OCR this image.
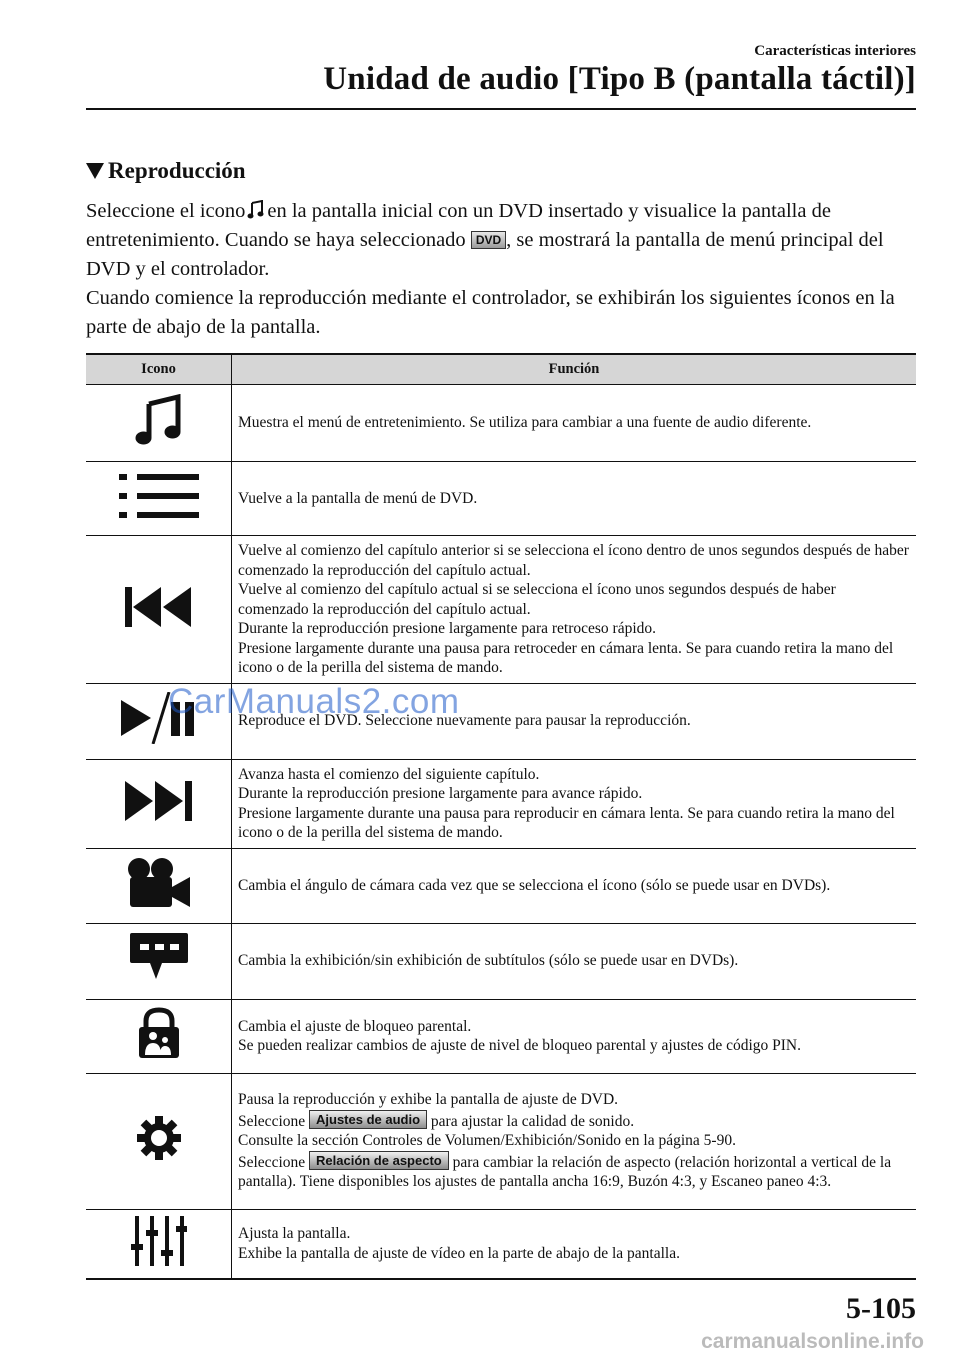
Características interiores
Unidad de audio [Tipo B (pantalla táctil)]
Reproducción

Seleccione el icono en la pantalla inicial con un DVD insertado y visualice la pantalla de entretenimiento. Cuando se haya seleccionado DVD , se mostrará la pantalla de menú principal del DVD y el controlador.

Cuando comience la reproducción mediante el controlador, se exhibirán los siguientes íconos en la parte de abajo de la pantalla.

Icono	Función
	Muestra el menú de entretenimiento. Se utiliza para cambiar a una fuente de audio diferente.
	Vuelve a la pantalla de menú de DVD.

Vuelve al comienzo del capítulo anterior si se selecciona el ícono dentro de unos segundos después de haber comenzado la reproducción del capítulo actual.
Vuelve al comienzo del capítulo actual si se selecciona el ícono unos segundos después de haber comenzado la reproducción del capítulo actual.
Durante la reproducción presione largamente para retroceso rápido.
Presione largamente durante una pausa para retroceder en cámara lenta. Se para cuando retira la mano del icono o de la perilla del sistema de mando.

	Reproduce el DVD. Seleccione nuevamente para pausar la reproducción.

Avanza hasta el comienzo del siguiente capítulo.
Durante la reproducción presione largamente para avance rápido.
Presione largamente durante una pausa para reproducir en cámara lenta. Se para cuando retira la mano del icono o de la perilla del sistema de mando.

	Cambia el ángulo de cámara cada vez que se selecciona el ícono (sólo se puede usar en DVDs).
	Cambia la exhibición/sin exhibición de subtítulos (sólo se puede usar en DVDs).

Cambia el ajuste de bloqueo parental.
Se pueden realizar cambios de ajuste de nivel de bloqueo parental y ajustes de código PIN.

Pausa la reproducción y exhibe la pantalla de ajuste de DVD.
Seleccione Ajustes de audio para ajustar la calidad de sonido.
Consulte la sección Controles de Volumen/Exhibición/Sonido en la página 5-90.
Seleccione Relación de aspecto para cambiar la relación de aspecto (relación horizontal a vertical de la pantalla). Tiene disponibles los ajustes de pantalla ancha 16:9, Buzón 4:3, y Escaneo paneo 4:3.

Ajusta la pantalla.
Exhibe la pantalla de ajuste de vídeo en la parte de abajo de la pantalla.
CarManuals2.com
5-105
carmanualsonline.info
